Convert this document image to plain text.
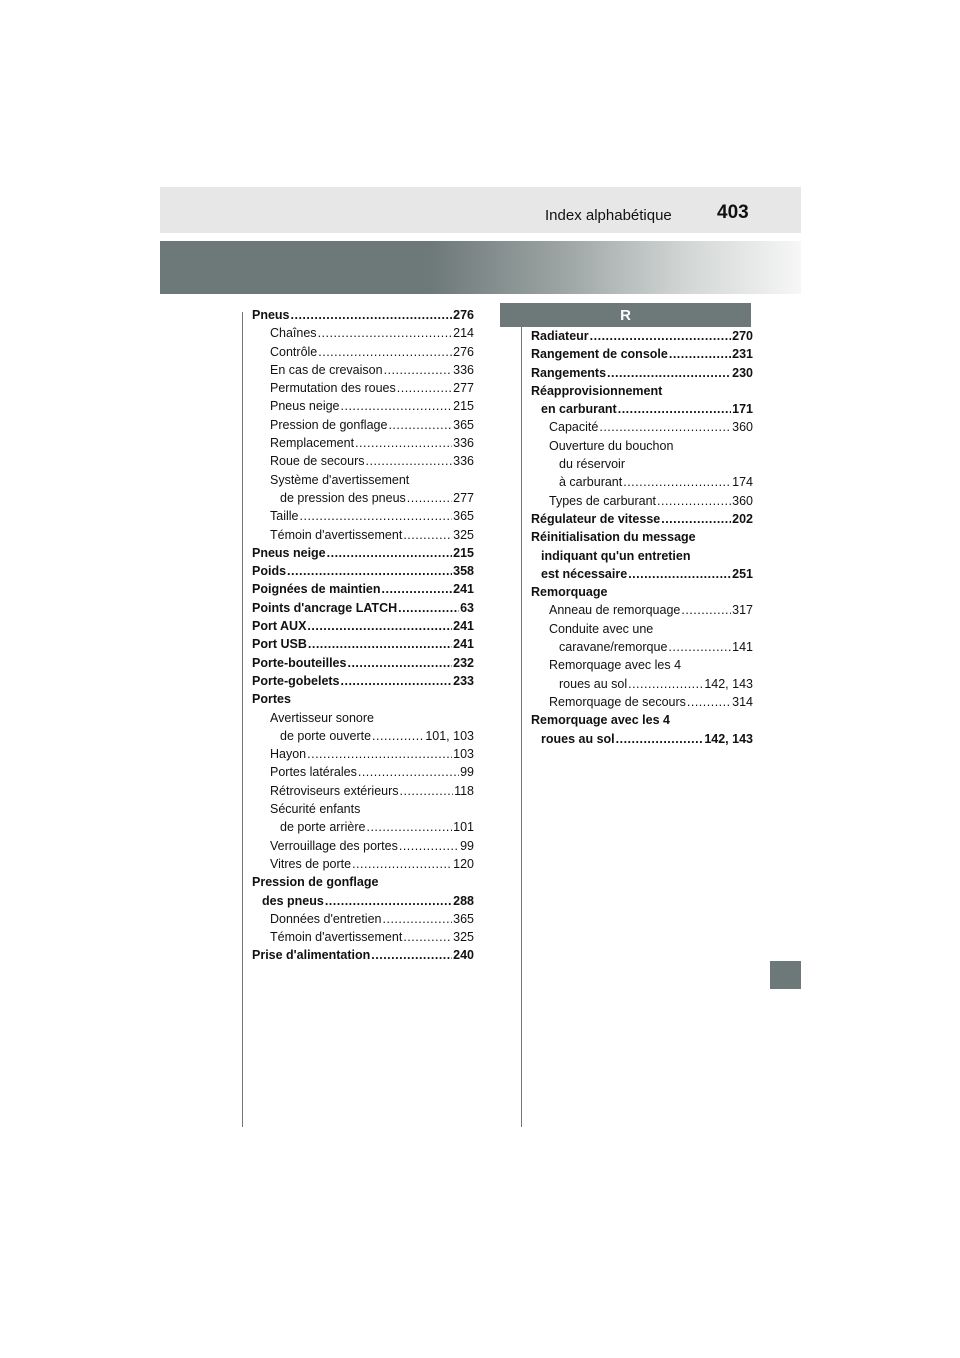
Index alphabétique 403
R
Pneus .....	276
Chaînes .....	214
Contrôle .....	276
En cas de crevaison .....	336
Permutation des roues .....	277
Pneus neige .....	215
Pression de gonflage .....	365
Remplacement .....	336
Roue de secours .....	336
Système d'avertissement
de pression des pneus .....	277
Taille .....	365
Témoin d'avertissement .....	325
Pneus neige .....	215
Poids .....	358
Poignées de maintien .....	241
Points d'ancrage LATCH .....	63
Port AUX .....	241
Port USB .....	241
Porte-bouteilles .....	232
Porte-gobelets .....	233
Portes
Avertisseur sonore
de porte ouverte .....	101, 103
Hayon .....	103
Portes latérales .....	99
Rétroviseurs extérieurs .....	118
Sécurité enfants
de porte arrière .....	101
Verrouillage des portes .....	99
Vitres de porte .....	120
Pression de gonflage
des pneus .....	288
Données d'entretien .....	365
Témoin d'avertissement .....	325
Prise d'alimentation .....	240
Radiateur .....	270
Rangement de console .....	231
Rangements .....	230
Réapprovisionnement
en carburant .....	171
Capacité .....	360
Ouverture du bouchon
du réservoir
à carburant .....	174
Types de carburant .....	360
Régulateur de vitesse .....	202
Réinitialisation du message
indiquant qu'un entretien
est nécessaire .....	251
Remorquage
Anneau de remorquage .....	317
Conduite avec une
caravane/remorque .....	141
Remorquage avec les 4
roues au sol .....	142, 143
Remorquage de secours .....	314
Remorquage avec les 4
roues au sol .....	142, 143
